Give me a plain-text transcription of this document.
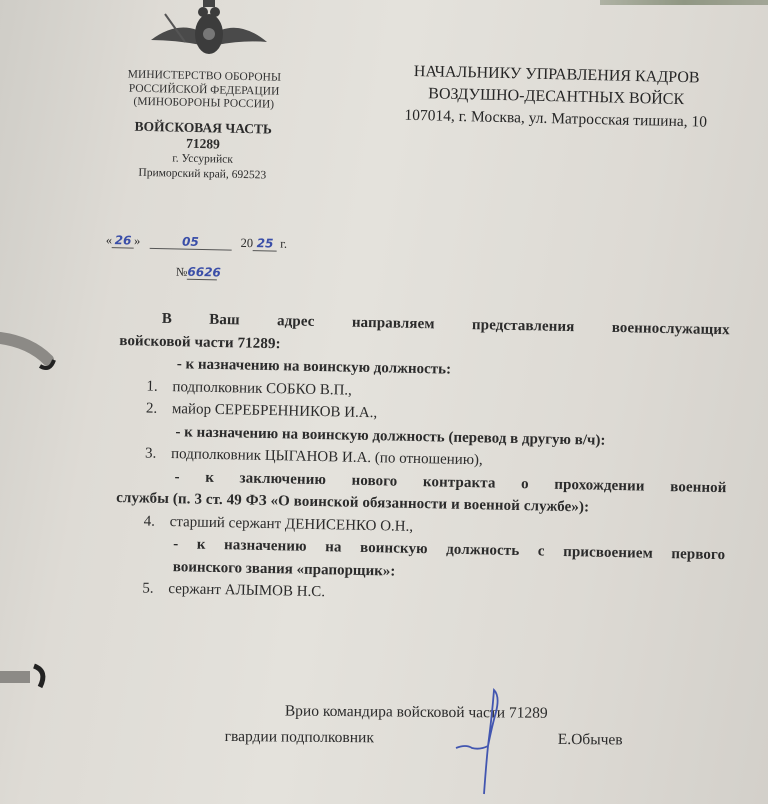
МИНИСТЕРСТВО ОБОРОНЫ
РОССИЙСКОЙ ФЕДЕРАЦИИ
(МИНОБОРОНЫ РОССИИ)
ВОЙСКОВАЯ ЧАСТЬ
71289
г. Уссурийск
Приморский край, 692523
« 26 »	05	20 25 г.
№6626
НАЧАЛЬНИКУ УПРАВЛЕНИЯ КАДРОВ
ВОЗДУШНО-ДЕСАНТНЫХ ВОЙСК
107014, г. Москва, ул. Матросская тишина, 10
В Ваш адрес направляем представления военнослужащих
войсковой части 71289:
- к назначению на воинскую должность:
1. подполковник СОБКО В.П.,
2. майор СЕРЕБРЕННИКОВ И.А.,
- к назначению на воинскую должность (перевод в другую в/ч):
3. подполковник ЦЫГАНОВ И.А. (по отношению),
- к заключению нового контракта о прохождении военной
службы (п. 3 ст. 49 ФЗ «О воинской обязанности и военной службе»):
4. старший сержант ДЕНИСЕНКО О.Н.,
- к назначению на воинскую должность с присвоением первого
воинского звания «прапорщик»:
5. сержант АЛЫМОВ Н.С.
Врио командира войсковой части 71289
гвардии подполковник	Е.Обычев
